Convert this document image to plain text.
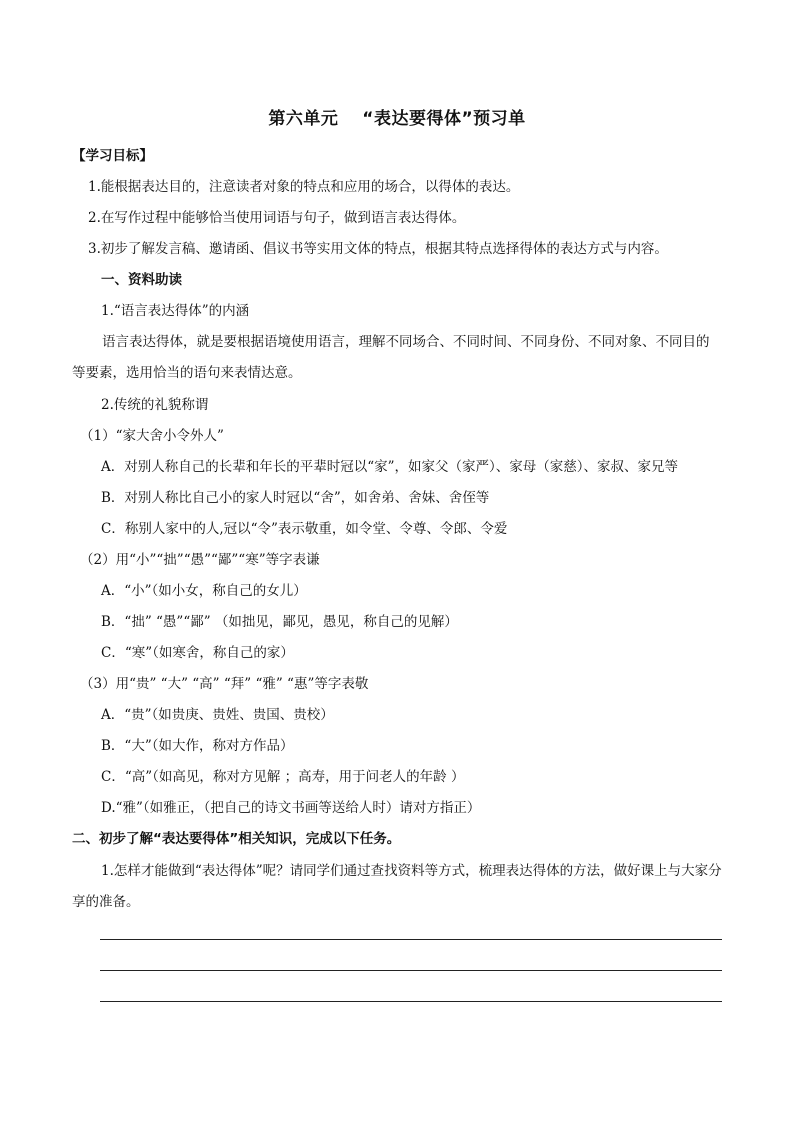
第六单元　 “表达要得体”预习单
【学习目标】
1.能根据表达目的，注意读者对象的特点和应用的场合，以得体的表达。
2.在写作过程中能够恰当使用词语与句子，做到语言表达得体。
3.初步了解发言稿、邀请函、倡议书等实用文体的特点，根据其特点选择得体的表达方式与内容。
一、资料助读
1.“语言表达得体”的内涵
语言表达得体，就是要根据语境使用语言，理解不同场合、不同时间、不同身份、不同对象、不同目的等要素，选用恰当的语句来表情达意。
2.传统的礼貌称谓
（1）“家大舍小令外人”
A．对别人称自己的长辈和年长的平辈时冠以“家”，如家父（家严）、家母（家慈）、家叔、家兄等
B．对别人称比自己小的家人时冠以“舍”，如舍弟、舍妹、舍侄等
C．称别人家中的人,冠以“令”表示敬重，如令堂、令尊、令郎、令爱
（2）用“小”“拙”“愚”“鄙”“寒”等字表谦
A．“小”（如小女，称自己的女儿）
B．“拙” “愚”“鄙” （如拙见，鄙见，愚见，称自己的见解）
C．“寒”（如寒舍，称自己的家）
（3）用“贵” “大” “高” “拜” “雅” “惠”等字表敬
A．“贵”（如贵庚、贵姓、贵国、贵校）
B．“大”（如大作，称对方作品）
C．“高”（如高见，称对方见解 ；高寿，用于问老人的年龄 ）
D.“雅”（如雅正，（把自己的诗文书画等送给人时）请对方指正）
二、初步了解“表达要得体”相关知识，完成以下任务。
1.怎样才能做到“表达得体”呢？请同学们通过查找资料等方式，梳理表达得体的方法，做好课上与大家分享的准备。
